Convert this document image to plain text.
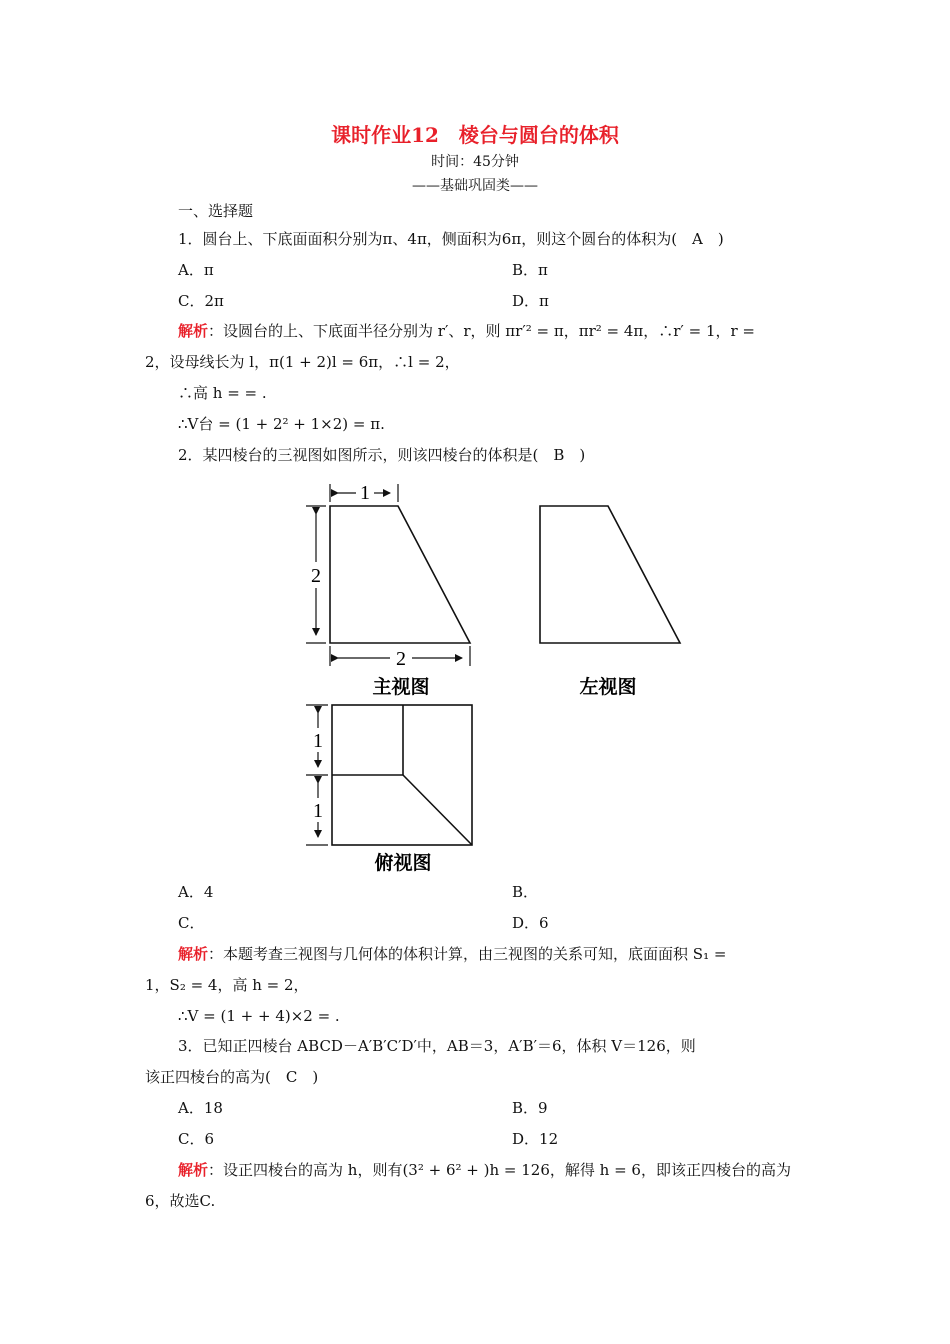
课时作业12　棱台与圆台的体积
时间：45分钟
——基础巩固类——
一、选择题
1．圆台上、下底面面积分别为π、4π，侧面积为6π，则这个圆台的体积为(　A　)
A．π	B．π
C．2π	D．π
解析：设圆台的上、下底面半径分别为 r′、r，则 πr′² = π，πr² = 4π，∴r′ = 1，r =
2，设母线长为 l，π(1 + 2)l = 6π，∴l = 2，
∴高 h = = .
∴V台 = (1 + 2² + 1×2) = π.
2．某四棱台的三视图如图所示，则该四棱台的体积是(　B　)
1
2
2
主视图	左视图
1
1
俯视图
A．4	B．
C．	D．6
解析：本题考查三视图与几何体的体积计算，由三视图的关系可知，底面面积 S₁ =
1，S₂ = 4，高 h = 2，
∴V = (1 + + 4)×2 = .
3．已知正四棱台 ABCD－A′B′C′D′中，AB＝3，A′B′＝6，体积 V＝126，则
该正四棱台的高为(　C　)
A．18	B．9
C．6	D．12
解析：设正四棱台的高为 h，则有(3² + 6² + )h = 126，解得 h = 6，即该正四棱台的高为
6，故选C.
